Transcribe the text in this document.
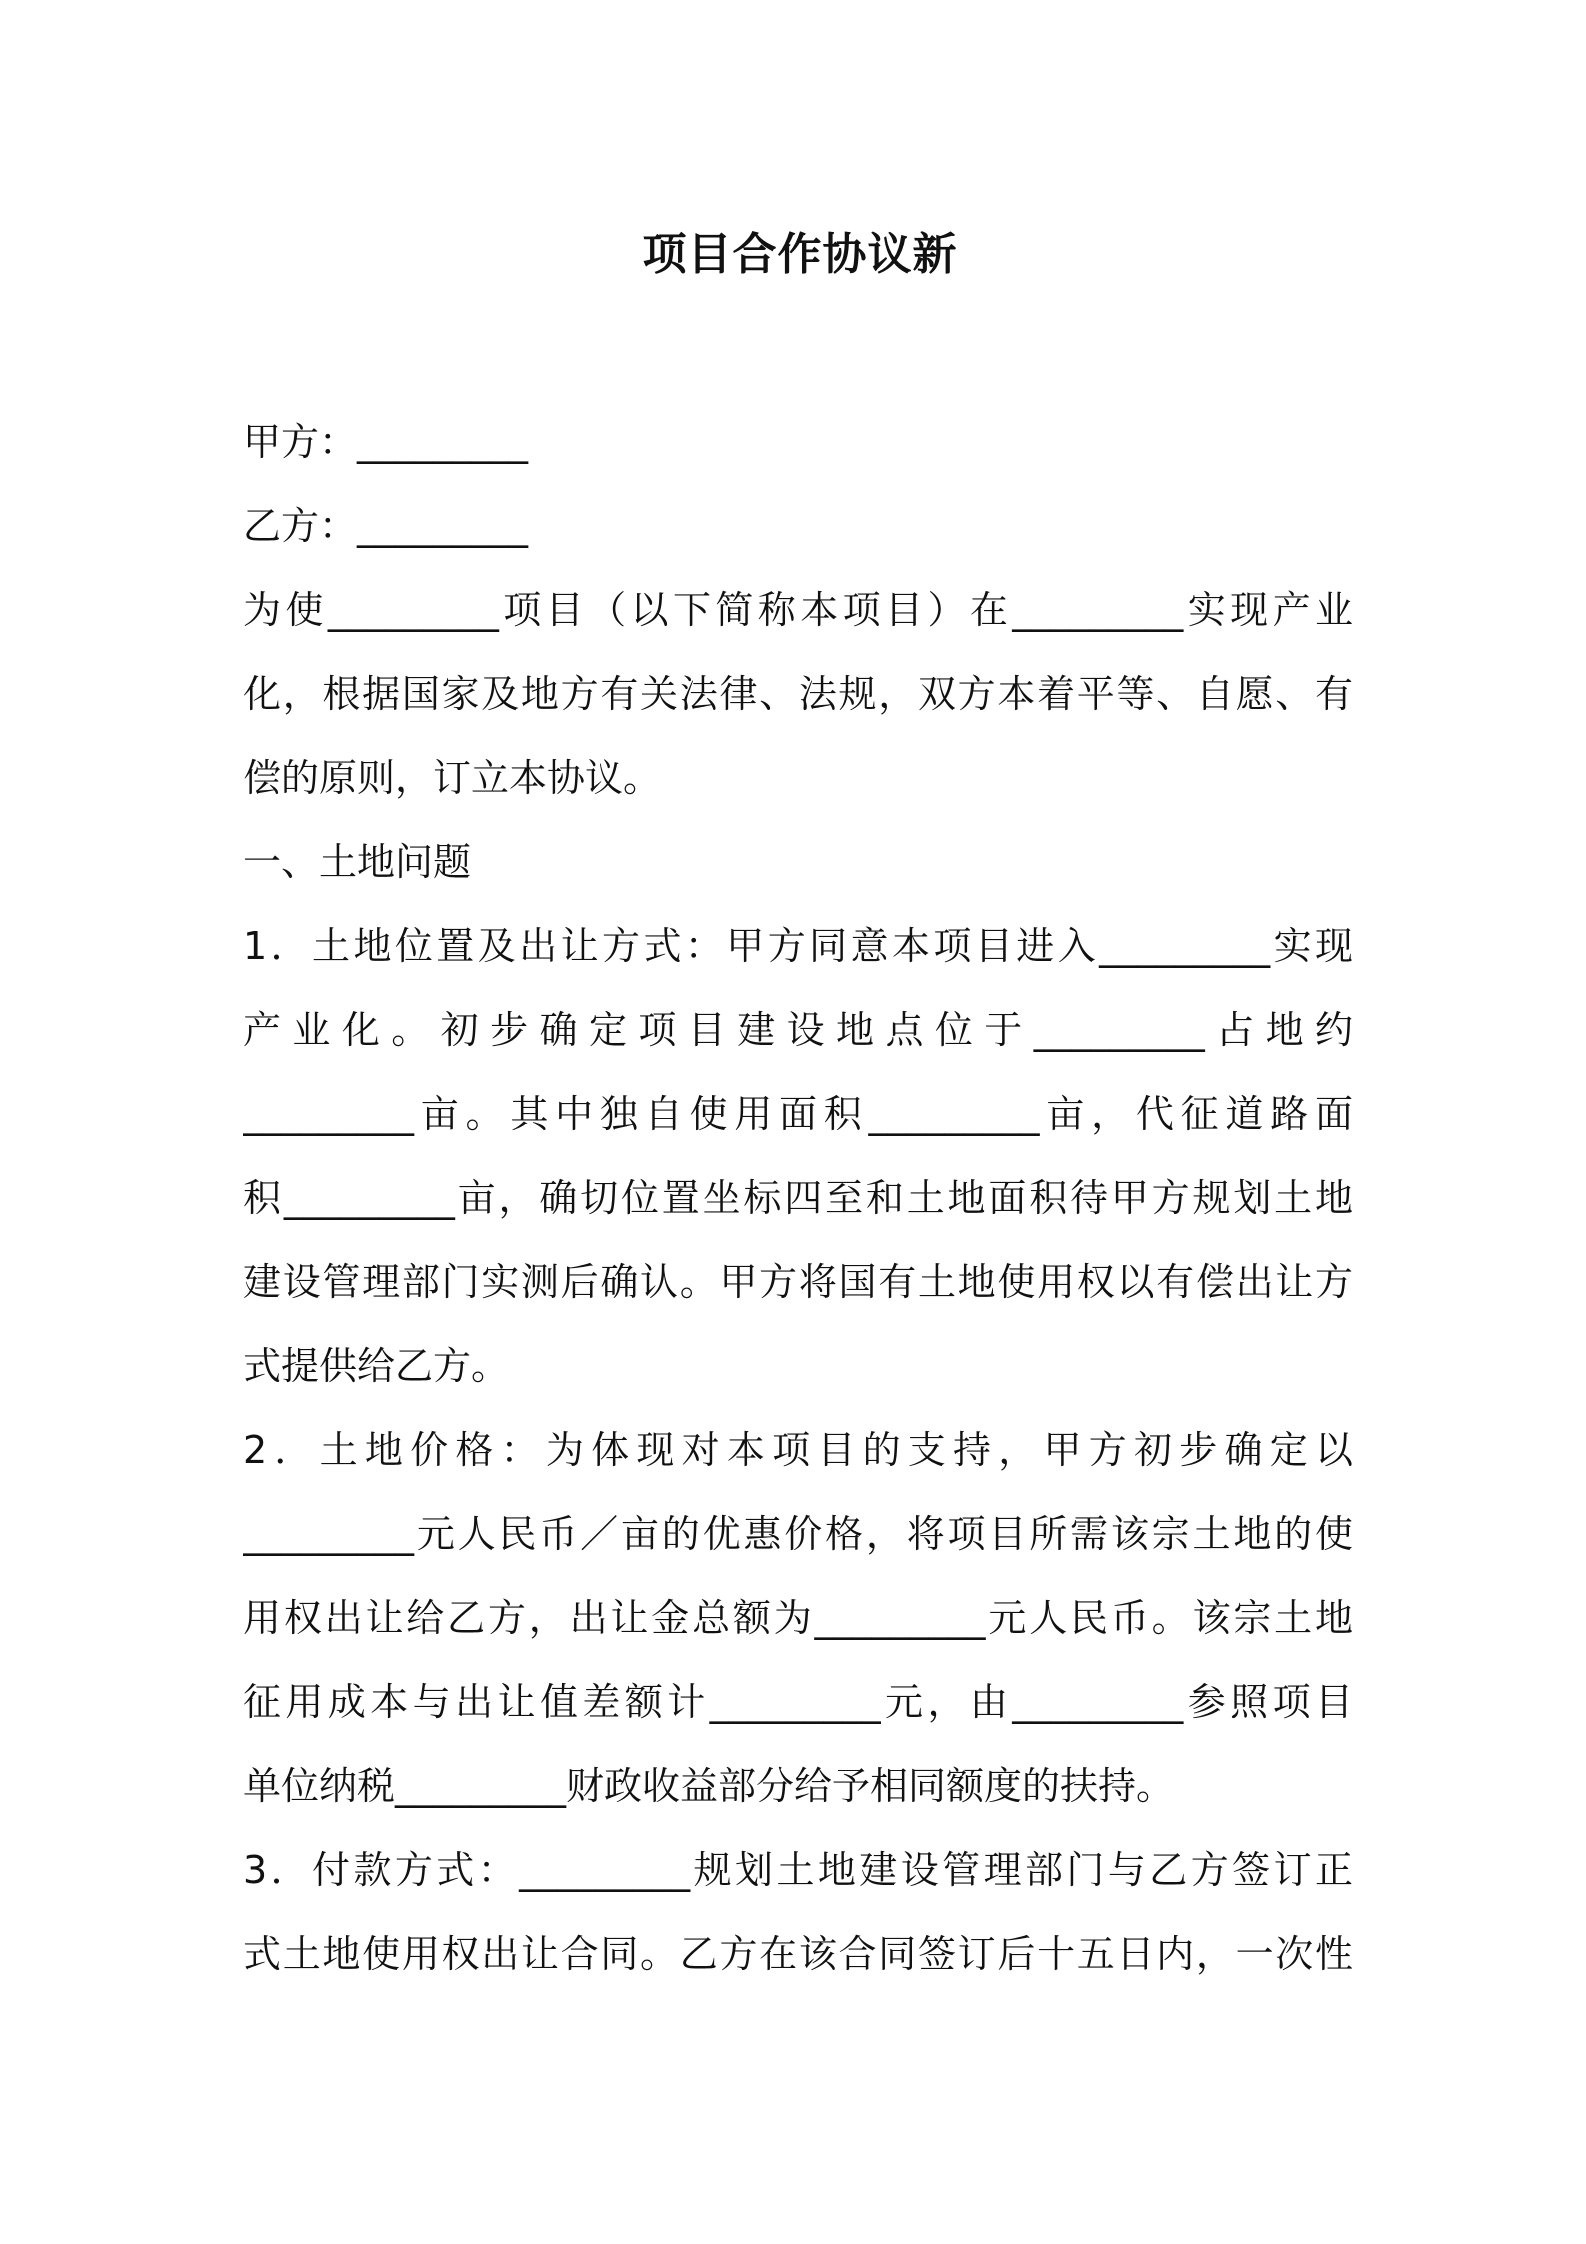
项目合作协议新
甲方：_________
乙方：_________
为使_________项目（以下简称本项目）在_________实现产业
化，根据国家及地方有关法律、法规，双方本着平等、自愿、有
偿的原则，订立本协议。
一、土地问题
1．土地位置及出让方式：甲方同意本项目进入_________实现
产业化。初步确定项目建设地点位于_________占地约
_________亩。其中独自使用面积_________亩，代征道路面
积_________亩，确切位置坐标四至和土地面积待甲方规划土地
建设管理部门实测后确认。甲方将国有土地使用权以有偿出让方
式提供给乙方。
2．土地价格：为体现对本项目的支持，甲方初步确定以
_________元人民币／亩的优惠价格，将项目所需该宗土地的使
用权出让给乙方，出让金总额为_________元人民币。该宗土地
征用成本与出让值差额计_________元，由_________参照项目
单位纳税_________财政收益部分给予相同额度的扶持。
3．付款方式：_________规划土地建设管理部门与乙方签订正
式土地使用权出让合同。乙方在该合同签订后十五日内，一次性
